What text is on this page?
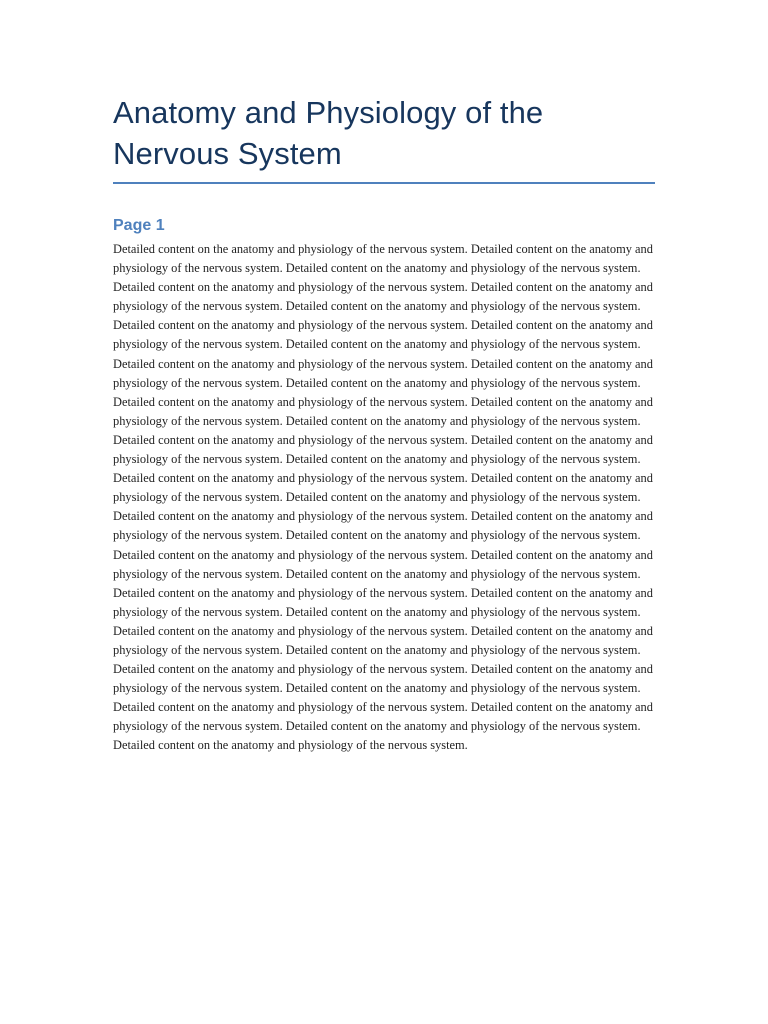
Anatomy and Physiology of the Nervous System
Page 1

Detailed content on the anatomy and physiology of the nervous system. Detailed content on the anatomy and physiology of the nervous system. Detailed content on the anatomy and physiology of the nervous system. Detailed content on the anatomy and physiology of the nervous system. Detailed content on the anatomy and physiology of the nervous system. Detailed content on the anatomy and physiology of the nervous system. Detailed content on the anatomy and physiology of the nervous system. Detailed content on the anatomy and physiology of the nervous system. Detailed content on the anatomy and physiology of the nervous system. Detailed content on the anatomy and physiology of the nervous system. Detailed content on the anatomy and physiology of the nervous system. Detailed content on the anatomy and physiology of the nervous system. Detailed content on the anatomy and physiology of the nervous system. Detailed content on the anatomy and physiology of the nervous system. Detailed content on the anatomy and physiology of the nervous system. Detailed content on the anatomy and physiology of the nervous system. Detailed content on the anatomy and physiology of the nervous system. Detailed content on the anatomy and physiology of the nervous system. Detailed content on the anatomy and physiology of the nervous system. Detailed content on the anatomy and physiology of the nervous system. Detailed content on the anatomy and physiology of the nervous system. Detailed content on the anatomy and physiology of the nervous system. Detailed content on the anatomy and physiology of the nervous system. Detailed content on the anatomy and physiology of the nervous system. Detailed content on the anatomy and physiology of the nervous system. Detailed content on the anatomy and physiology of the nervous system. Detailed content on the anatomy and physiology of the nervous system. Detailed content on the anatomy and physiology of the nervous system. Detailed content on the anatomy and physiology of the nervous system. Detailed content on the anatomy and physiology of the nervous system. Detailed content on the anatomy and physiology of the nervous system. Detailed content on the anatomy and physiology of the nervous system. Detailed content on the anatomy and physiology of the nervous system. Detailed content on the anatomy and physiology of the nervous system. Detailed content on the anatomy and physiology of the nervous system. Detailed content on the anatomy and physiology of the nervous system. Detailed content on the anatomy and physiology of the nervous system. Detailed content on the anatomy and physiology of the nervous system. Detailed content on the anatomy and physiology of the nervous system. Detailed content on the anatomy and physiology of the nervous system.
